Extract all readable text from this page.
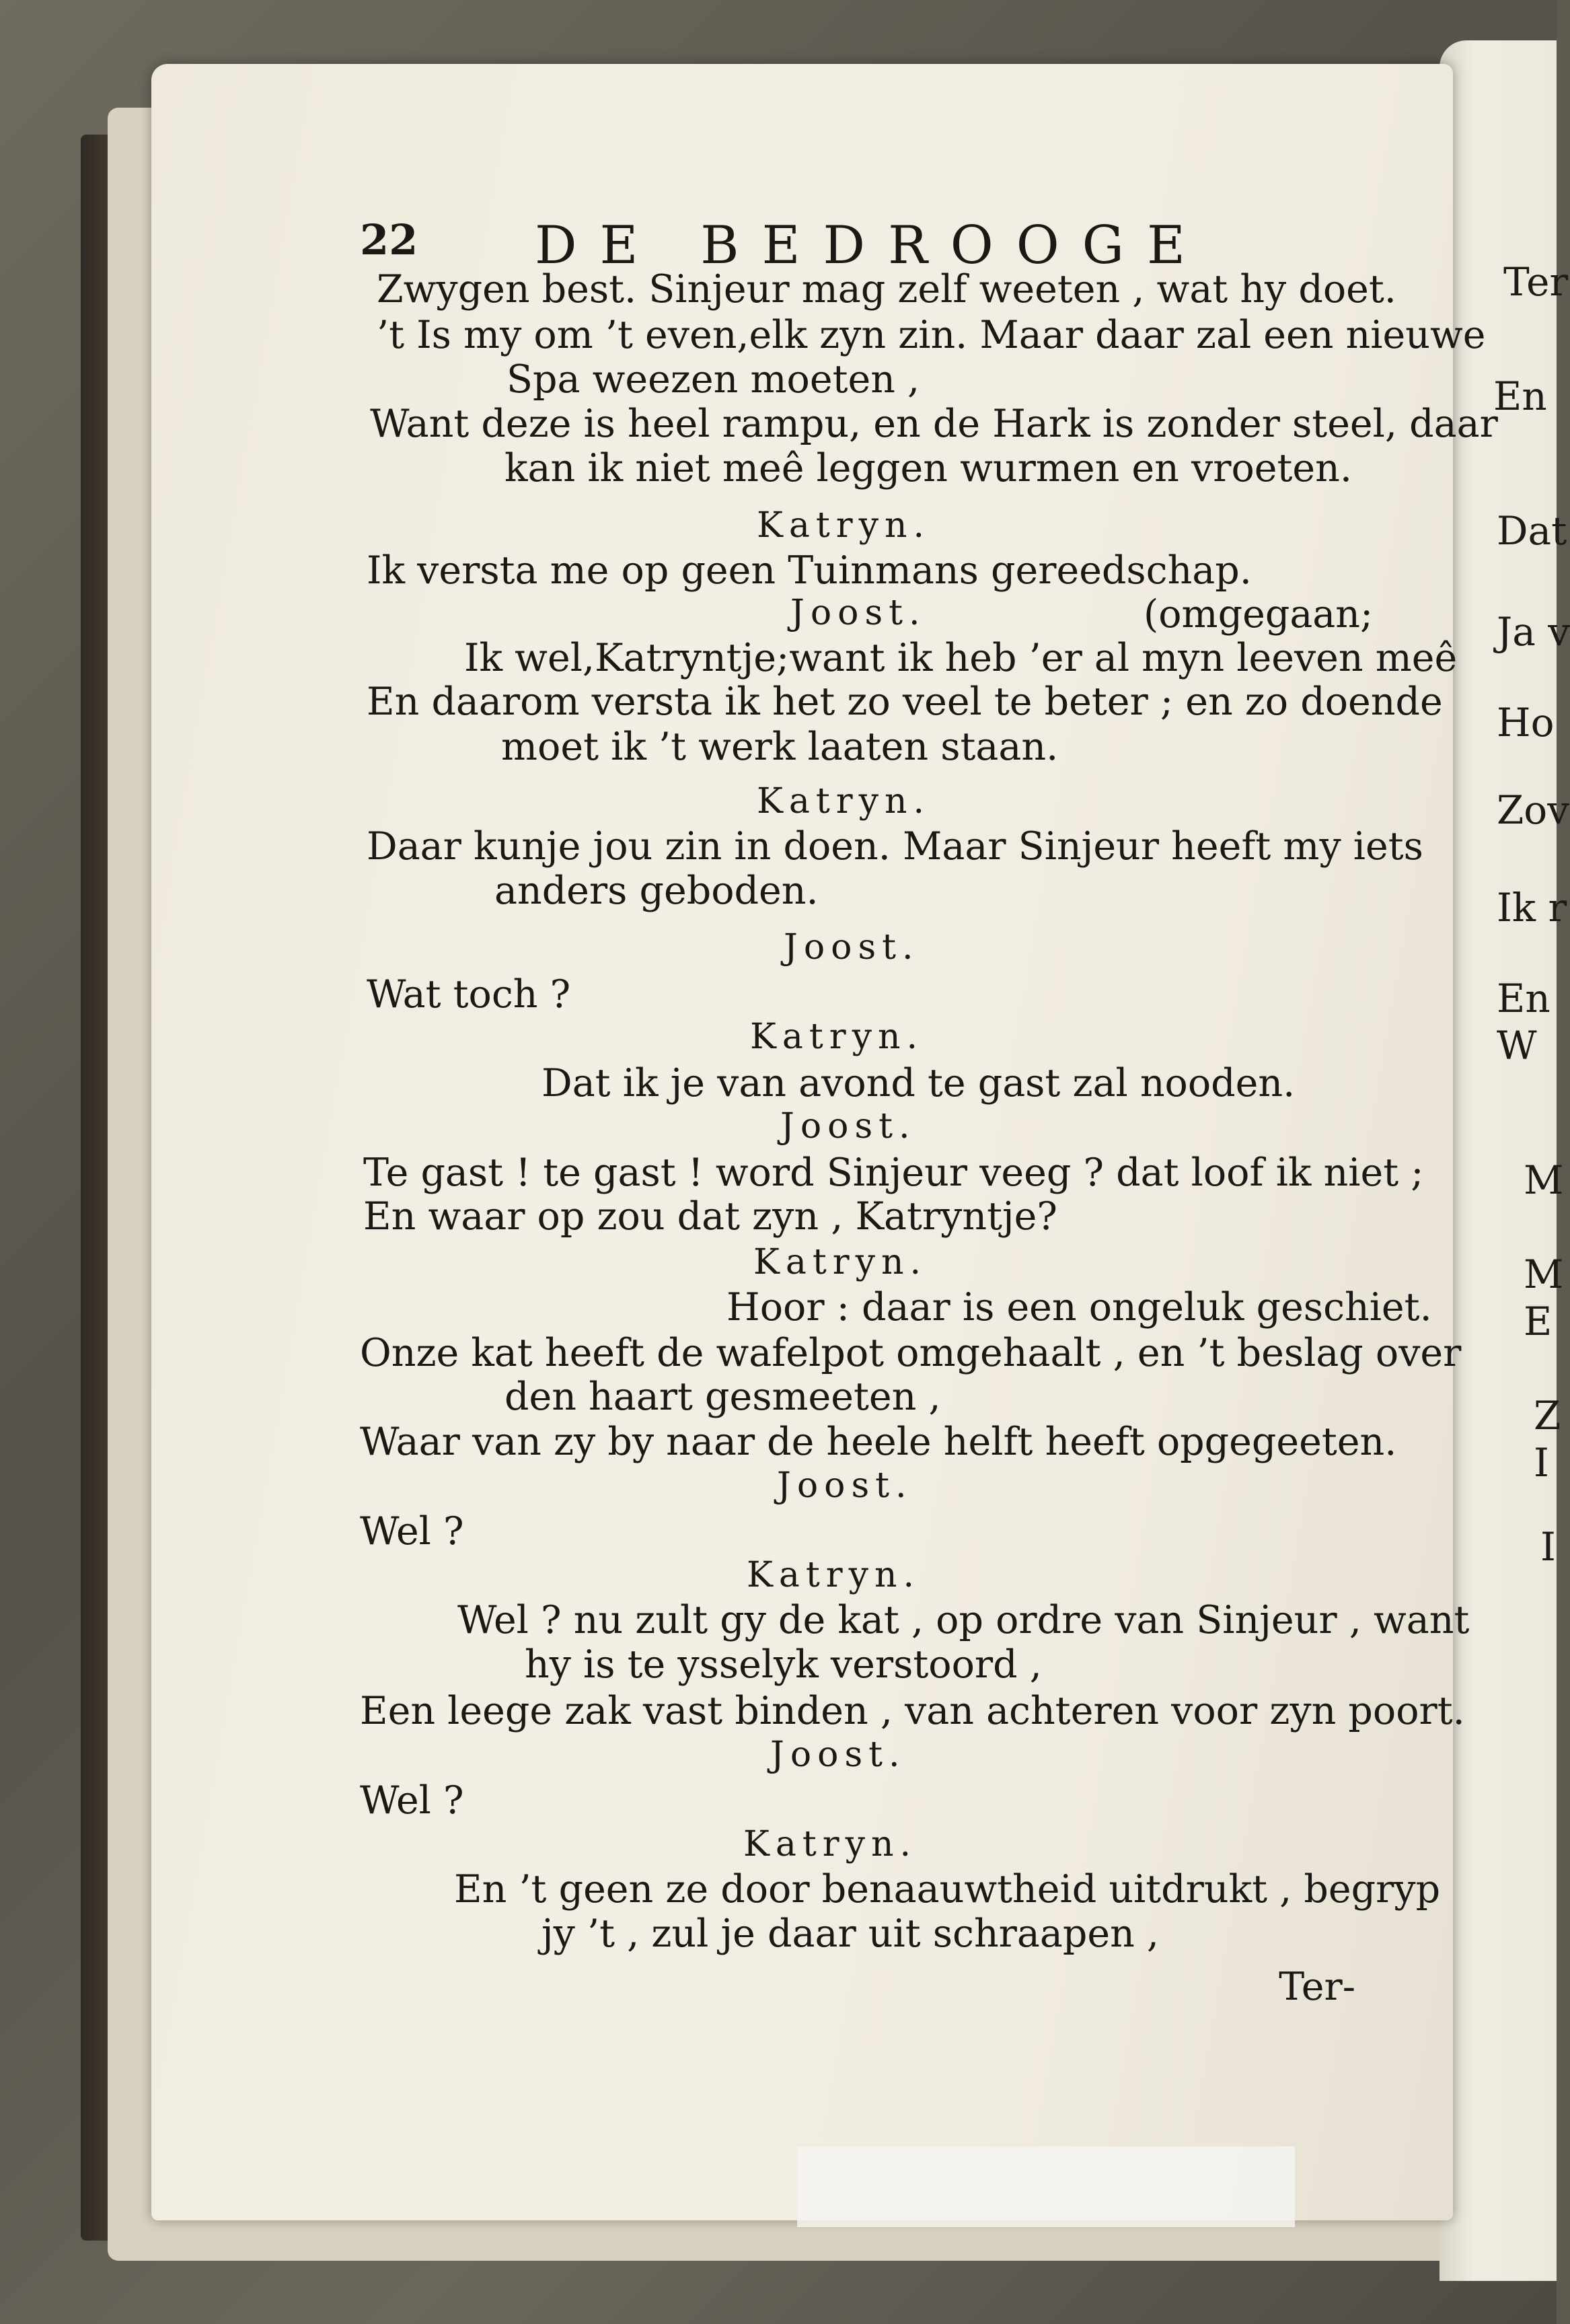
Ter
En
Dat
Ja v
Ho
Zov
Ik r
En
W
M
M
E
Z
I
I
22 DE BEDROOGE
Zwygen best. Sinjeur mag zelf weeten , wat hy doet.
’t Is my om ’t even,elk zyn zin. Maar daar zal een nieuwe
Spa weezen moeten ,
Want deze is heel rampu, en de Hark is zonder steel, daar
kan ik niet meê leggen wurmen en vroeten.
Katryn.
Ik versta me op geen Tuinmans gereedschap.
Joost.	(omgegaan;
Ik wel,Katryntje;want ik heb ’er al myn leeven meê
En daarom versta ik het zo veel te beter ; en zo doende
moet ik ’t werk laaten staan.
Katryn.
Daar kunje jou zin in doen. Maar Sinjeur heeft my iets
anders geboden.
Joost.
Wat toch ?
Katryn.
Dat ik je van avond te gast zal nooden.
Joost.
Te gast ! te gast ! word Sinjeur veeg ? dat loof ik niet ;
En waar op zou dat zyn , Katryntje?
Katryn.
Hoor : daar is een ongeluk geschiet.
Onze kat heeft de wafelpot omgehaalt , en ’t beslag over
den haart gesmeeten ,
Waar van zy by naar de heele helft heeft opgegeeten.
Joost.
Wel ?
Katryn.
Wel ? nu zult gy de kat , op ordre van Sinjeur , want
hy is te ysselyk verstoord ,
Een leege zak vast binden , van achteren voor zyn poort.
Joost.
Wel ?
Katryn.
En ’t geen ze door benaauwtheid uitdrukt , begryp
jy ’t , zul je daar uit schraapen ,
Ter-
